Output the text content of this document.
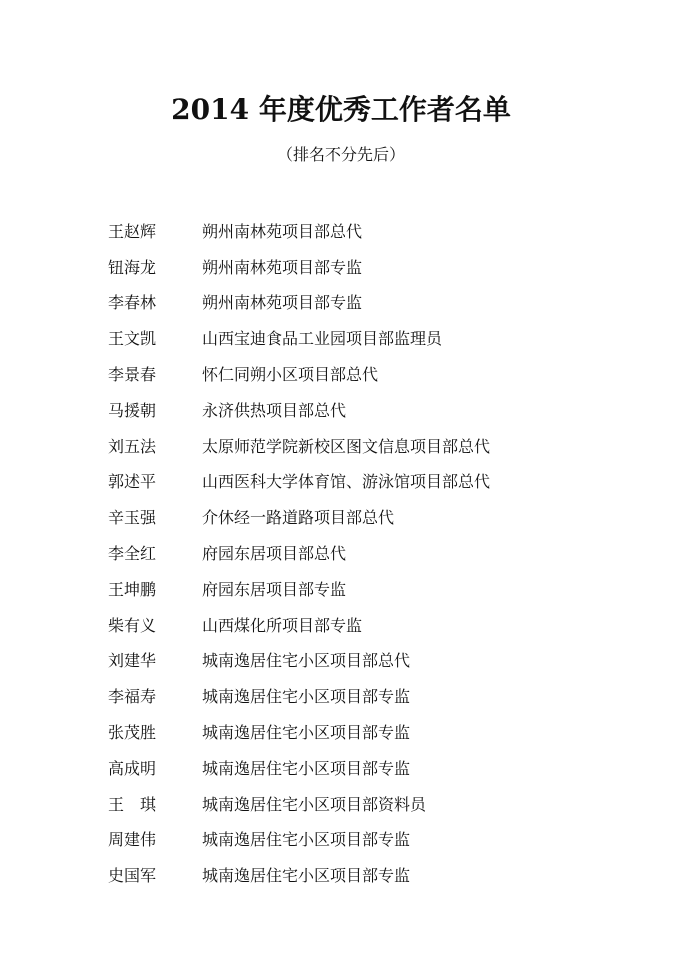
2014 年度优秀工作者名单
（排名不分先后）
王赵辉	朔州南林苑项目部总代
钮海龙	朔州南林苑项目部专监
李春林	朔州南林苑项目部专监
王文凯	山西宝迪食品工业园项目部监理员
李景春	怀仁同朔小区项目部总代
马援朝	永济供热项目部总代
刘五法	太原师范学院新校区图文信息项目部总代
郭述平	山西医科大学体育馆、游泳馆项目部总代
辛玉强	介休经一路道路项目部总代
李全红	府园东居项目部总代
王坤鹏	府园东居项目部专监
柴有义	山西煤化所项目部专监
刘建华	城南逸居住宅小区项目部总代
李福寿	城南逸居住宅小区项目部专监
张茂胜	城南逸居住宅小区项目部专监
高成明	城南逸居住宅小区项目部专监
王　琪	城南逸居住宅小区项目部资料员
周建伟	城南逸居住宅小区项目部专监
史国军	城南逸居住宅小区项目部专监
